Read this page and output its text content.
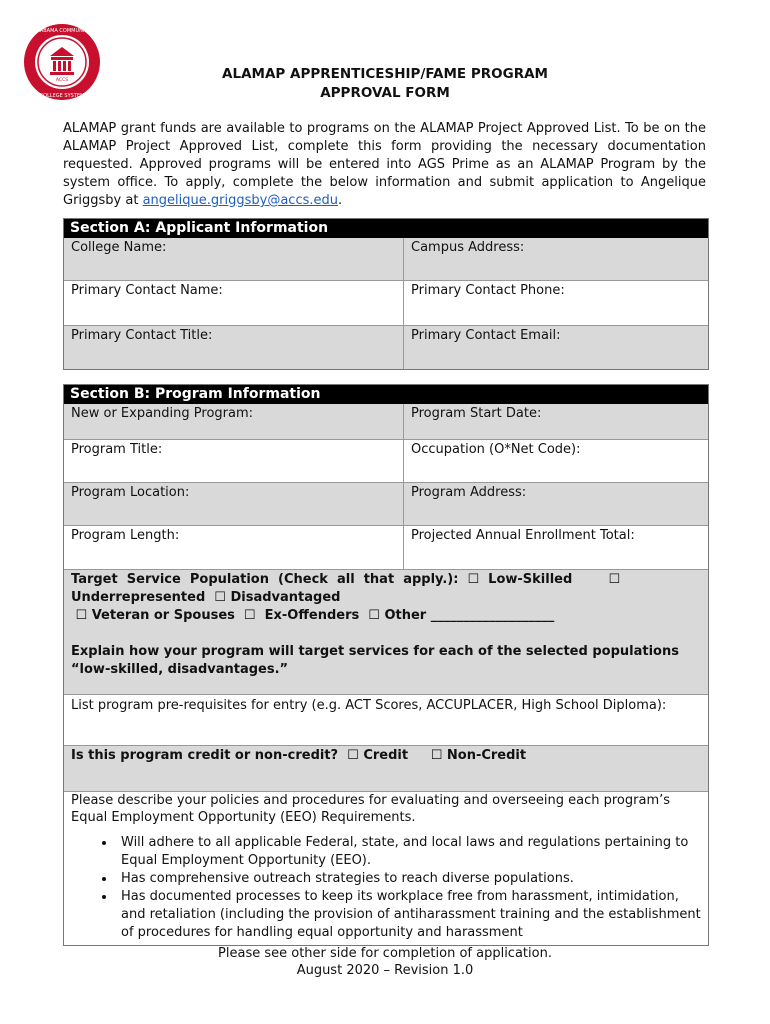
ACCS
ALABAMA COMMUNITY
COLLEGE SYSTEM
ALAMAP APPRENTICESHIP/FAME PROGRAM
APPROVAL FORM
ALAMAP grant funds are available to programs on the ALAMAP Project Approved List. To be on the ALAMAP Project Approved List, complete this form providing the necessary documentation requested. Approved programs will be entered into AGS Prime as an ALAMAP Program by the system office. To apply, complete the below information and submit application to Angelique Griggsby at angelique.griggsby@accs.edu.
Section A: Applicant Information
College Name:	Campus Address:
Primary Contact Name:	Primary Contact Phone:
Primary Contact Title:	Primary Contact Email:
Section B: Program Information
New or Expanding Program:	Program Start Date:
Program Title:	Occupation (O*Net Code):
Program Location:	Program Address:
Program Length:	Projected Annual Enrollment Total:
Target  Service  Population  (Check  all  that  apply.):  ☐  Low-Skilled        ☐
Underrepresented  ☐ Disadvantaged
☐ Veteran or Spouses  ☐  Ex-Offenders  ☐ Other ___________________
Explain how your program will target services for each of the selected populations “low-skilled, disadvantages.”
List program pre-requisites for entry (e.g. ACT Scores, ACCUPLACER, High School Diploma):
Is this program credit or non-credit?  ☐ Credit     ☐ Non-Credit
Please describe your policies and procedures for evaluating and overseeing each program’s Equal Employment Opportunity (EEO) Requirements.
• Will adhere to all applicable Federal, state, and local laws and regulations pertaining to Equal Employment Opportunity (EEO).
• Has comprehensive outreach strategies to reach diverse populations.
• Has documented processes to keep its workplace free from harassment, intimidation, and retaliation (including the provision of antiharassment training and the establishment of procedures for handling equal opportunity and harassment
Please see other side for completion of application.
August 2020 – Revision 1.0
